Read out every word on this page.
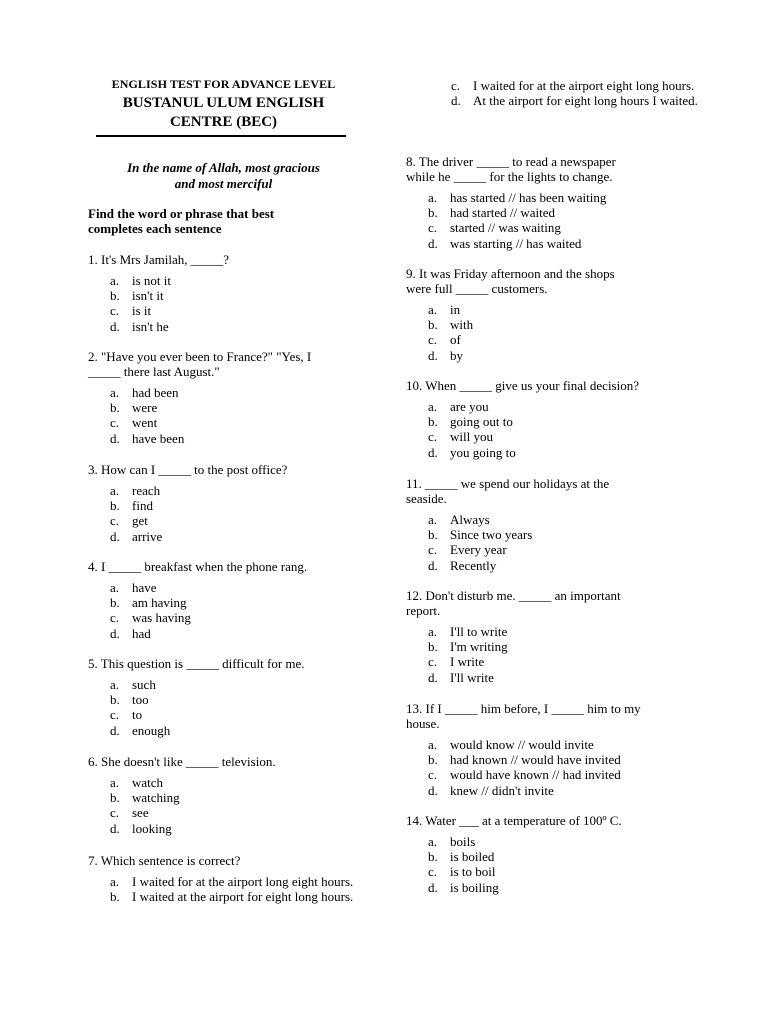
ENGLISH TEST FOR ADVANCE LEVEL
BUSTANUL ULUM ENGLISH
CENTRE (BEC)
In the name of Allah, most gracious
and most merciful
Find the word or phrase that best
completes each sentence
1. It's Mrs Jamilah, _____?
a. is not it
b. isn't it
c. is it
d. isn't he
2. "Have you ever been to France?" "Yes, I
_____ there last August."
a. had been
b. were
c. went
d. have been
3. How can I _____ to the post office?
a. reach
b. find
c. get
d. arrive
4. I _____ breakfast when the phone rang.
a. have
b. am having
c. was having
d. had
5. This question is _____ difficult for me.
a. such
b. too
c. to
d. enough
6. She doesn't like _____ television.
a. watch
b. watching
c. see
d. looking
7. Which sentence is correct?
a. I waited for at the airport long eight hours.
b. I waited at the airport for eight long hours.
c. I waited for at the airport eight long hours.
d. At the airport for eight long hours I waited.
8. The driver _____ to read a newspaper
while he _____ for the lights to change.
a. has started // has been waiting
b. had started // waited
c. started // was waiting
d. was starting // has waited
9. It was Friday afternoon and the shops
were full _____ customers.
a. in
b. with
c. of
d. by
10. When _____ give us your final decision?
a. are you
b. going out to
c. will you
d. you going to
11. _____ we spend our holidays at the
seaside.
a. Always
b. Since two years
c. Every year
d. Recently
12. Don't disturb me. _____ an important
report.
a. I'll to write
b. I'm writing
c. I write
d. I'll write
13. If I _____ him before, I _____ him to my
house.
a. would know // would invite
b. had known // would have invited
c. would have known // had invited
d. knew // didn't invite
14. Water ___ at a temperature of 100º C.
a. boils
b. is boiled
c. is to boil
d. is boiling
